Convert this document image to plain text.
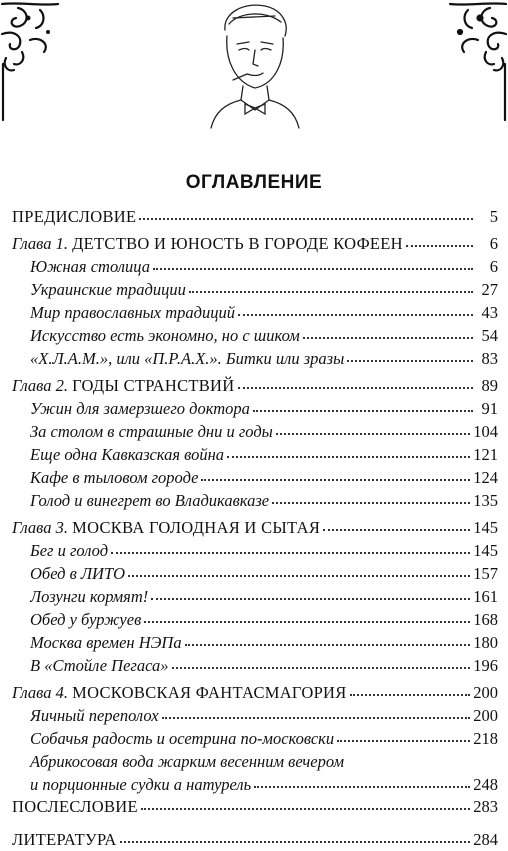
ОГЛАВЛЕНИЕ
ПРЕДИСЛОВИЕ	5
Глава 1. ДЕТСТВО И ЮНОСТЬ В ГОРОДЕ КОФЕЕН	6
Южная столица	6
Украинские традиции	27
Мир православных традиций	43
Искусство есть экономно, но с шиком	54
«Х.Л.А.М.», или «П.Р.А.Х.». Битки или зразы	83
Глава 2. ГОДЫ СТРАНСТВИЙ	89
Ужин для замерзшего доктора	91
За столом в страшные дни и годы	104
Еще одна Кавказская война	121
Кафе в тыловом городе	124
Голод и винегрет во Владикавказе	135
Глава 3. МОСКВА ГОЛОДНАЯ И СЫТАЯ	145
Бег и голод	145
Обед в ЛИТО	157
Лозунги кормят!	161
Обед у буржуев	168
Москва времен НЭПа	180
В «Стойле Пегаса»	196
Глава 4. МОСКОВСКАЯ ФАНТАСМАГОРИЯ	200
Яичный переполох	200
Собачья радость и осетрина по-московски	218
Абрикосовая вода жарким весенним вечером
и порционные судки а натурель	248
ПОСЛЕСЛОВИЕ	283
ЛИТЕРАТУРА	284
